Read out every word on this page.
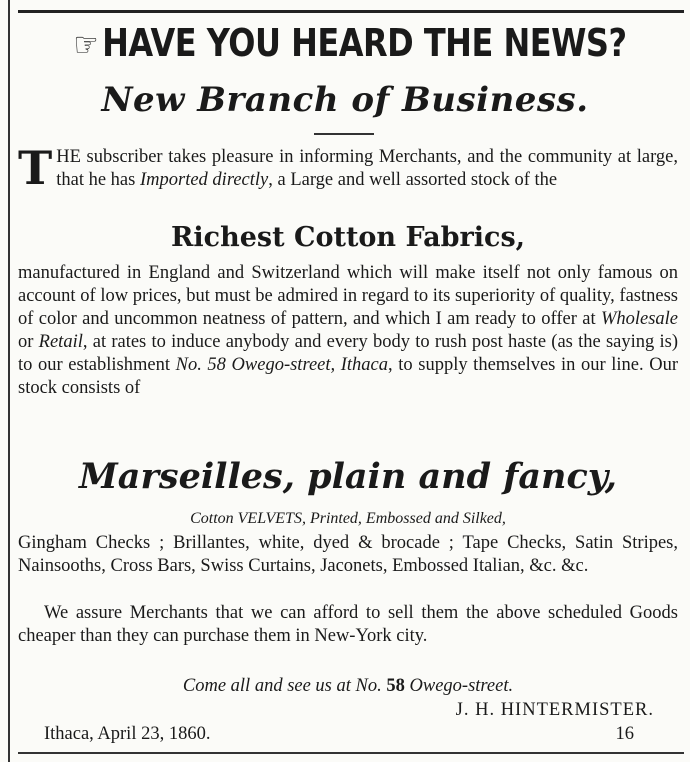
☞ HAVE YOU HEARD THE NEWS?
New Branch of Business.
THE subscriber takes pleasure in informing Merchants, and the community at large, that he has Imported directly, a Large and well assorted stock of the
Richest Cotton Fabrics,
manufactured in England and Switzerland which will make itself not only famous on account of low prices, but must be admired in regard to its superiority of quality, fastness of color and uncommon neatness of pattern, and which I am ready to offer at Wholesale or Retail, at rates to induce anybody and every body to rush post haste (as the saying is) to our establishment No. 58 Owego-street, Ithaca, to supply themselves in our line. Our stock consists of
Marseilles, plain and fancy,
Cotton VELVETS, Printed, Embossed and Silked,
Gingham Checks ; Brillantes, white, dyed & brocade ; Tape Checks, Satin Stripes, Nainsooths, Cross Bars, Swiss Curtains, Jaconets, Embossed Italian, &c. &c.
We assure Merchants that we can afford to sell them the above scheduled Goods cheaper than they can purchase them in New-York city.
Come all and see us at No. 58 Owego-street.
J. H. HINTERMISTER.
Ithaca, April 23, 1860.	16
